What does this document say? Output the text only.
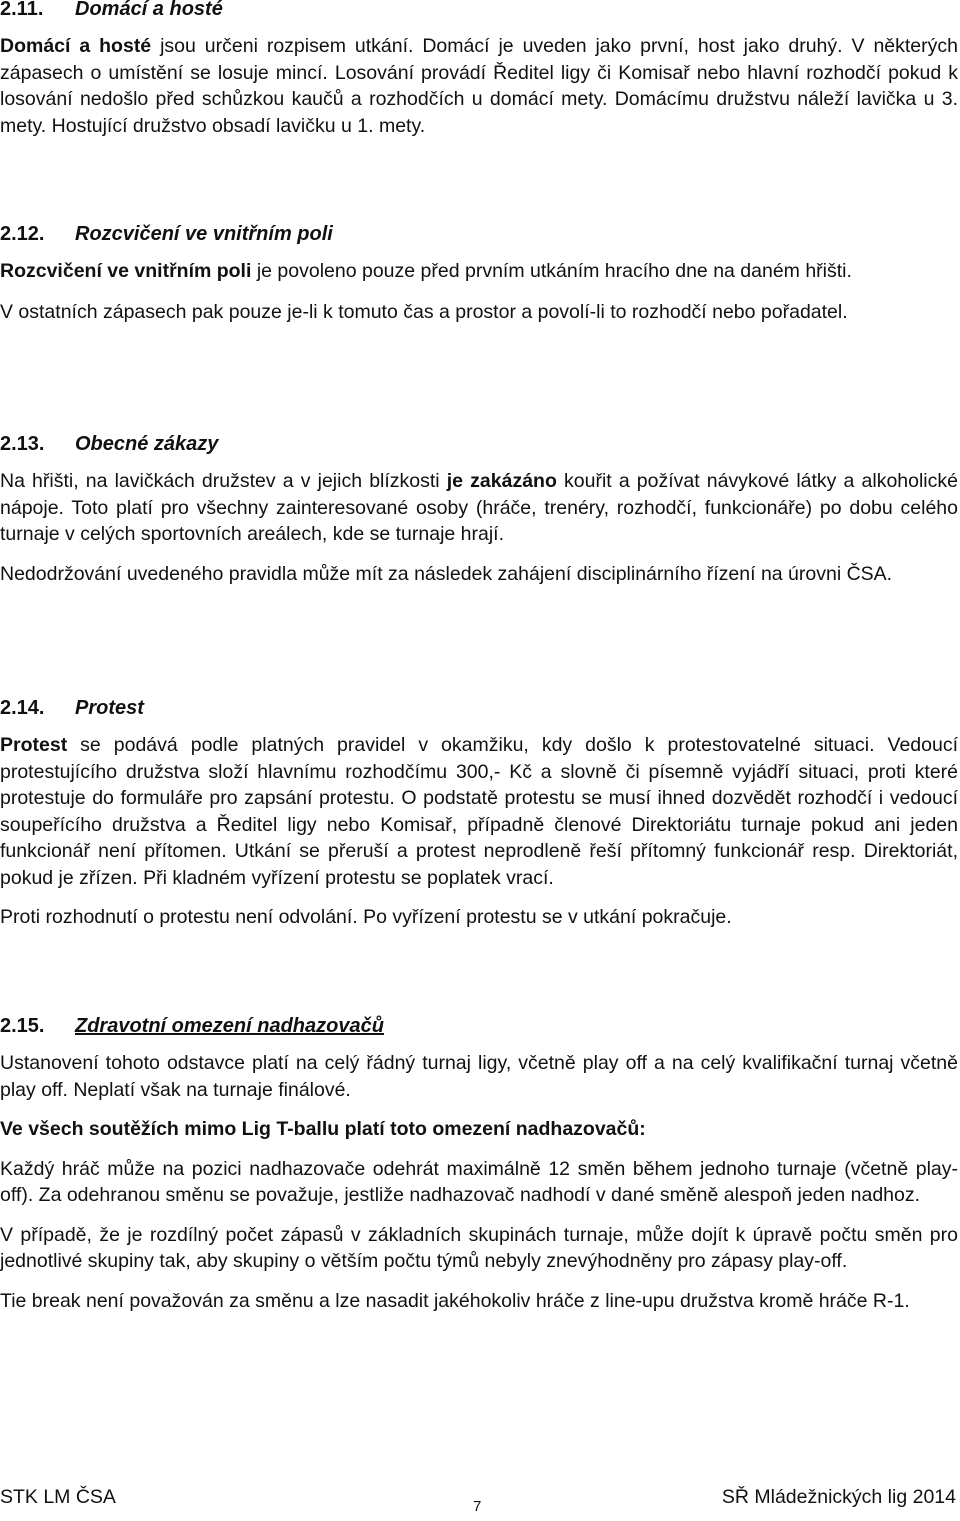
2.11. Domácí a hosté

Domácí a hosté jsou určeni rozpisem utkání. Domácí je uveden jako první, host jako druhý. V některých zápasech o umístění se losuje mincí. Losování provádí Ředitel ligy či Komisař nebo hlavní rozhodčí pokud k losování nedošlo před schůzkou kaučů a rozhodčích u domácí mety. Domácímu družstvu náleží lavička u 3. mety. Hostující družstvo obsadí lavičku u 1. mety.

2.12. Rozcvičení ve vnitřním poli

Rozcvičení ve vnitřním poli je povoleno pouze před prvním utkáním hracího dne na daném hřišti.

V ostatních zápasech pak pouze je-li k tomuto čas a prostor a povolí-li to rozhodčí nebo pořadatel.

2.13. Obecné zákazy

Na hřišti, na lavičkách družstev a v jejich blízkosti je zakázáno kouřit a požívat návykové látky a alkoholické nápoje. Toto platí pro všechny zainteresované osoby (hráče, trenéry, rozhodčí, funkcionáře) po dobu celého turnaje v celých sportovních areálech, kde se turnaje hrají.

Nedodržování uvedeného pravidla může mít za následek zahájení disciplinárního řízení na úrovni ČSA.

2.14. Protest

Protest se podává podle platných pravidel v okamžiku, kdy došlo k protestovatelné situaci. Vedoucí protestujícího družstva složí hlavnímu rozhodčímu 300,- Kč a slovně či písemně vyjádří situaci, proti které protestuje do formuláře pro zapsání protestu. O podstatě protestu se musí ihned dozvědět rozhodčí i vedoucí soupeřícího družstva a Ředitel ligy nebo Komisař, případně členové Direktoriátu turnaje pokud ani jeden funkcionář není přítomen. Utkání se přeruší a protest neprodleně řeší přítomný funkcionář resp. Direktoriát, pokud je zřízen. Při kladném vyřízení protestu se poplatek vrací.

Proti rozhodnutí o protestu není odvolání. Po vyřízení protestu se v utkání pokračuje.

2.15. Zdravotní omezení nadhazovačů

Ustanovení tohoto odstavce platí na celý řádný turnaj ligy, včetně play off a na celý kvalifikační turnaj včetně play off. Neplatí však na turnaje finálové.

Ve všech soutěžích mimo Lig T-ballu platí toto omezení nadhazovačů:

Každý hráč může na pozici nadhazovače odehrát maximálně 12 směn během jednoho turnaje (včetně play-off). Za odehranou směnu se považuje, jestliže nadhazovač nadhodí v dané směně alespoň jeden nadhoz.

V případě, že je rozdílný počet zápasů v základních skupinách turnaje, může dojít k úpravě počtu směn pro jednotlivé skupiny tak, aby skupiny o větším počtu týmů nebyly znevýhodněny pro zápasy play-off.

Tie break není považován za směnu a lze nasadit jakéhokoliv hráče z line-upu družstva kromě hráče R-1.

STK LM ČSA	7	SŘ Mládežnických lig 2014
